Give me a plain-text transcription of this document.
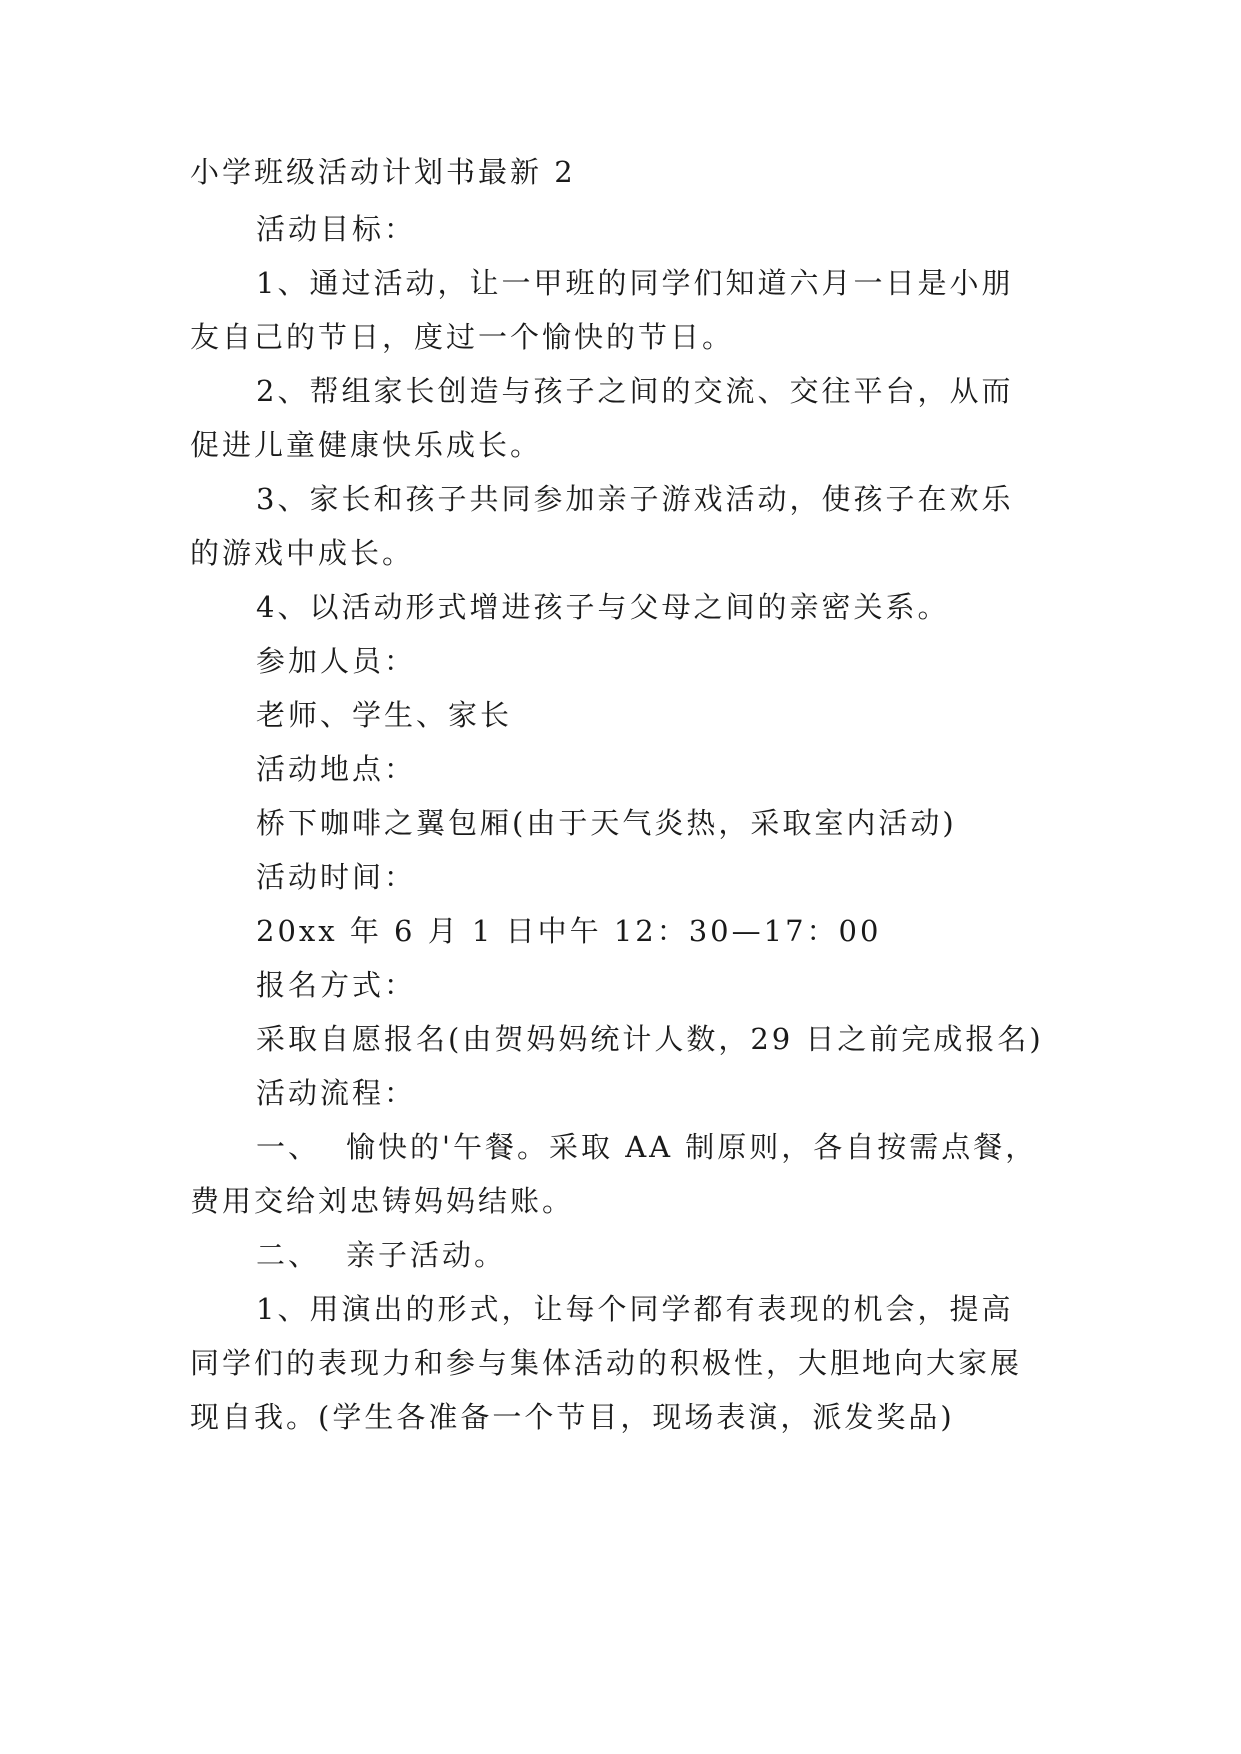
小学班级活动计划书最新 2
活动目标：
1、通过活动，让一甲班的同学们知道六月一日是小朋
友自己的节日，度过一个愉快的节日。
2、帮组家长创造与孩子之间的交流、交往平台，从而
促进儿童健康快乐成长。
3、家长和孩子共同参加亲子游戏活动，使孩子在欢乐
的游戏中成长。
4、以活动形式增进孩子与父母之间的亲密关系。
参加人员：
老师、学生、家长
活动地点：
桥下咖啡之翼包厢(由于天气炎热，采取室内活动)
活动时间：
20xx 年 6 月 1 日中午 12：30—17：00
报名方式：
采取自愿报名(由贺妈妈统计人数，29 日之前完成报名)
活动流程：
一、 愉快的'午餐。采取 AA 制原则，各自按需点餐，
费用交给刘忠铸妈妈结账。
二、 亲子活动。
1、用演出的形式，让每个同学都有表现的机会，提高
同学们的表现力和参与集体活动的积极性，大胆地向大家展
现自我。(学生各准备一个节目，现场表演，派发奖品)
